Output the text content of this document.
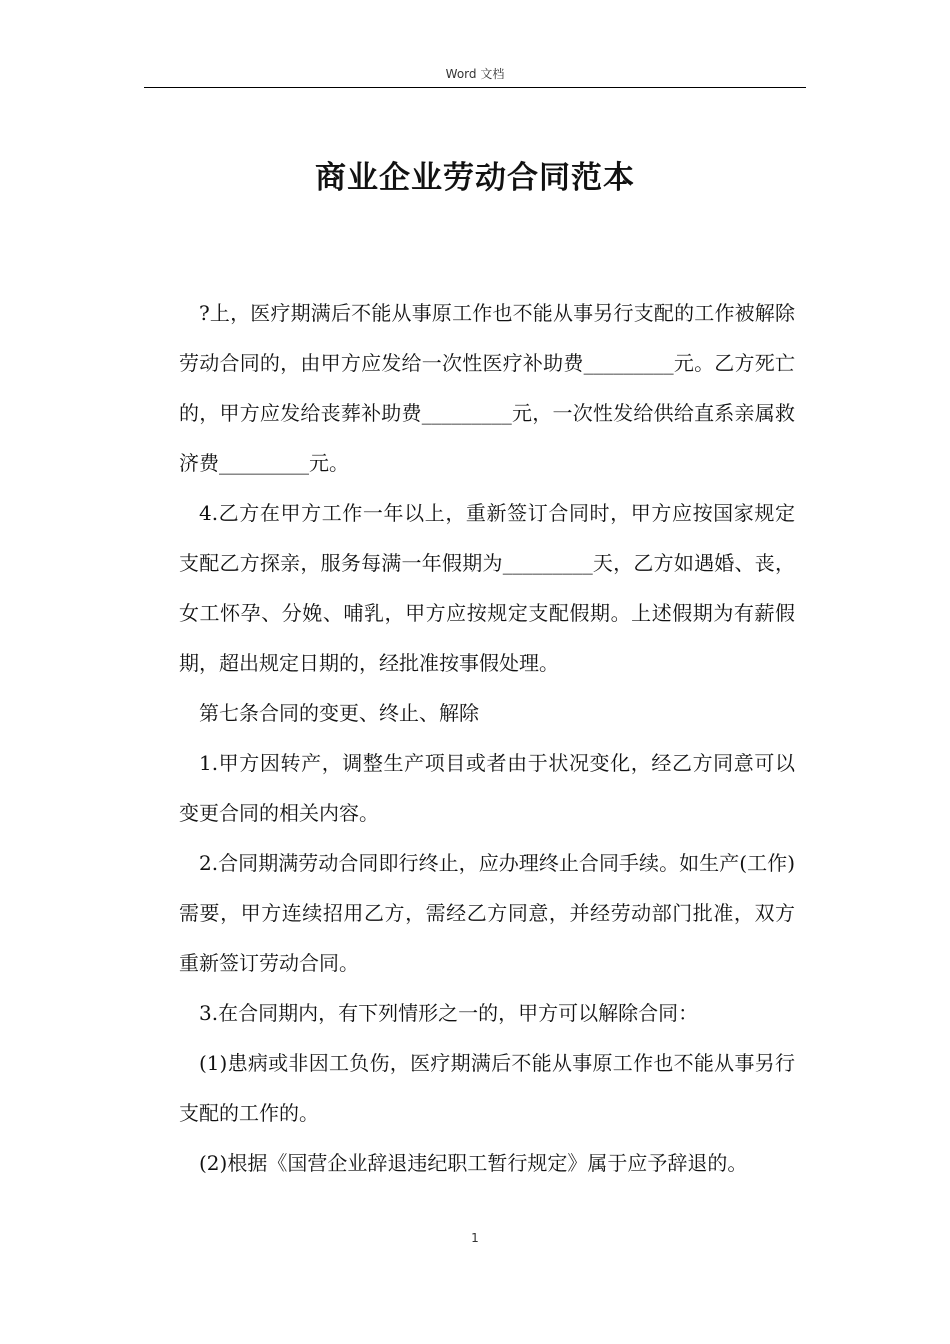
Word 文档
商业企业劳动合同范本

?上，医疗期满后不能从事原工作也不能从事另行支配的工作被解除劳动合同的，由甲方应发给一次性医疗补助费_________元。乙方死亡的，甲方应发给丧葬补助费_________元，一次性发给供给直系亲属救济费_________元。

4.乙方在甲方工作一年以上，重新签订合同时，甲方应按国家规定支配乙方探亲，服务每满一年假期为_________天，乙方如遇婚、丧，女工怀孕、分娩、哺乳，甲方应按规定支配假期。上述假期为有薪假期，超出规定日期的，经批准按事假处理。

第七条合同的变更、终止、解除

1.甲方因转产，调整生产项目或者由于状况变化，经乙方同意可以变更合同的相关内容。

2.合同期满劳动合同即行终止，应办理终止合同手续。如生产(工作)需要，甲方连续招用乙方，需经乙方同意，并经劳动部门批准，双方重新签订劳动合同。

3.在合同期内，有下列情形之一的，甲方可以解除合同：

(1)患病或非因工负伤，医疗期满后不能从事原工作也不能从事另行支配的工作的。

(2)根据《国营企业辞退违纪职工暂行规定》属于应予辞退的。

1
